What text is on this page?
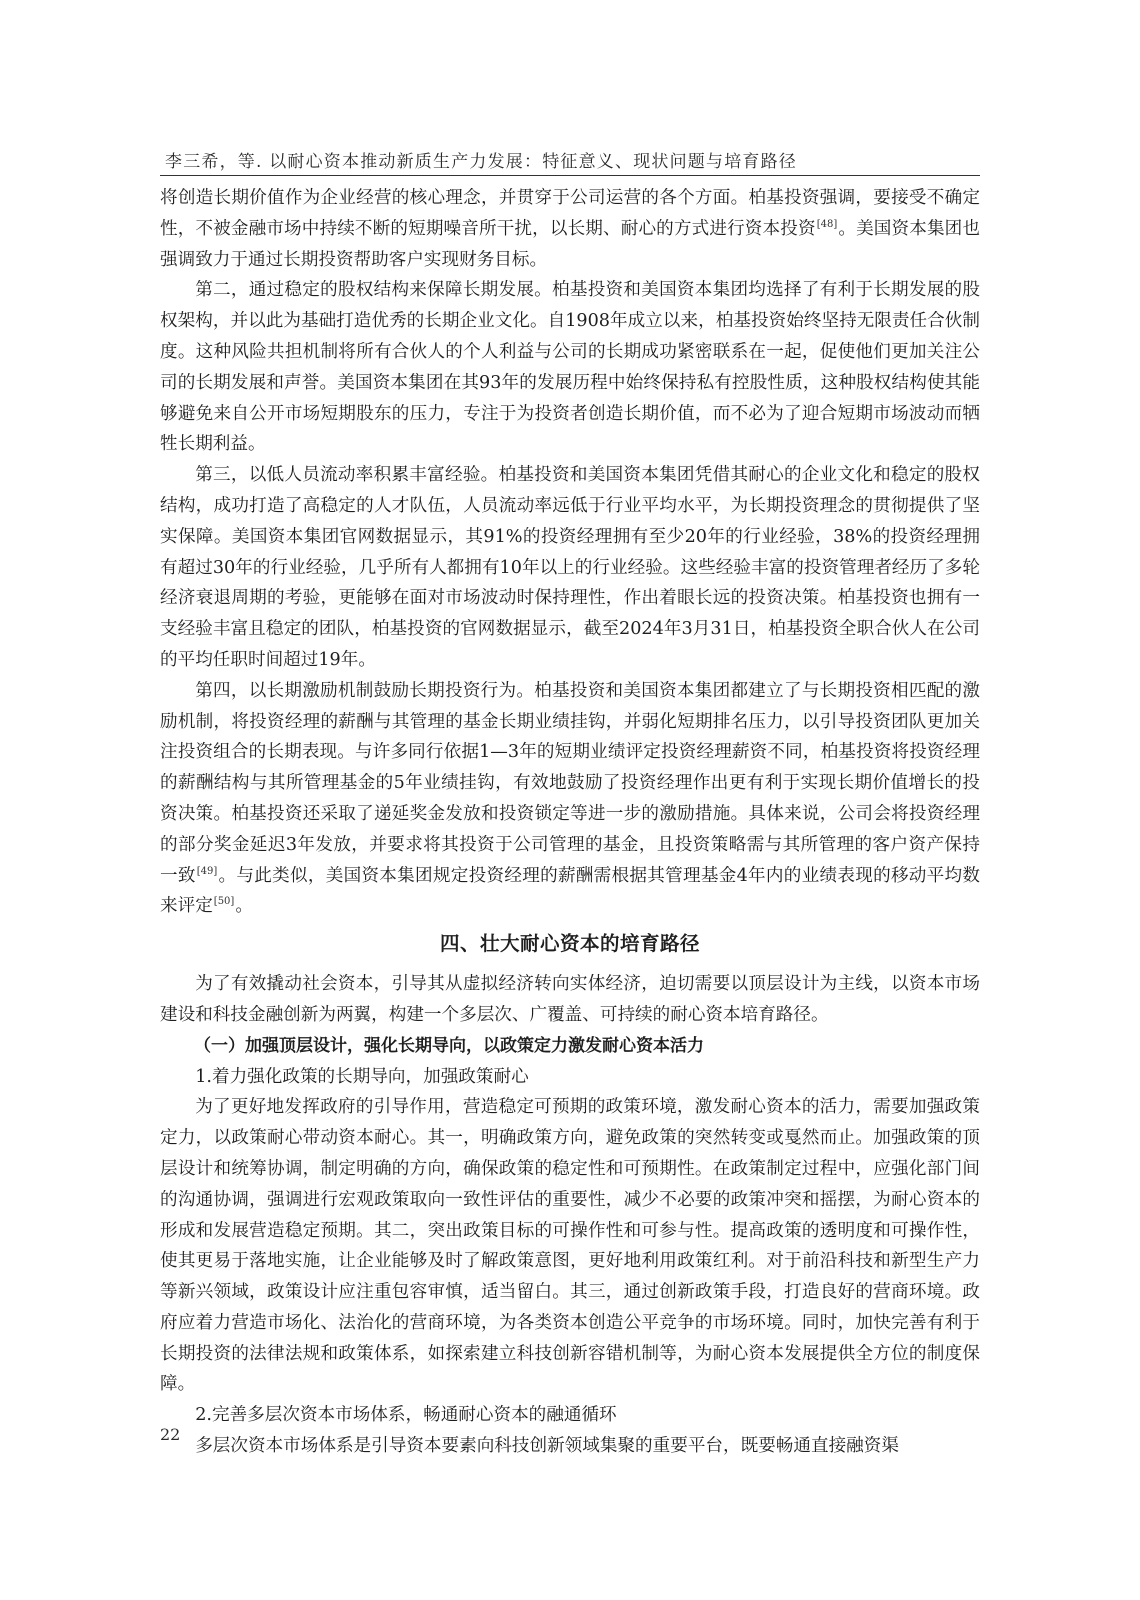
李三希，等. 以耐心资本推动新质生产力发展：特征意义、现状问题与培育路径

将创造长期价值作为企业经营的核心理念，并贯穿于公司运营的各个方面。柏基投资强调，要接受不确定性，不被金融市场中持续不断的短期噪音所干扰，以长期、耐心的方式进行资本投资[48]。美国资本集团也强调致力于通过长期投资帮助客户实现财务目标。

第二，通过稳定的股权结构来保障长期发展。柏基投资和美国资本集团均选择了有利于长期发展的股权架构，并以此为基础打造优秀的长期企业文化。自1908年成立以来，柏基投资始终坚持无限责任合伙制度。这种风险共担机制将所有合伙人的个人利益与公司的长期成功紧密联系在一起，促使他们更加关注公司的长期发展和声誉。美国资本集团在其93年的发展历程中始终保持私有控股性质，这种股权结构使其能够避免来自公开市场短期股东的压力，专注于为投资者创造长期价值，而不必为了迎合短期市场波动而牺牲长期利益。

第三，以低人员流动率积累丰富经验。柏基投资和美国资本集团凭借其耐心的企业文化和稳定的股权结构，成功打造了高稳定的人才队伍，人员流动率远低于行业平均水平，为长期投资理念的贯彻提供了坚实保障。美国资本集团官网数据显示，其91%的投资经理拥有至少20年的行业经验，38%的投资经理拥有超过30年的行业经验，几乎所有人都拥有10年以上的行业经验。这些经验丰富的投资管理者经历了多轮经济衰退周期的考验，更能够在面对市场波动时保持理性，作出着眼长远的投资决策。柏基投资也拥有一支经验丰富且稳定的团队，柏基投资的官网数据显示，截至2024年3月31日，柏基投资全职合伙人在公司的平均任职时间超过19年。

第四，以长期激励机制鼓励长期投资行为。柏基投资和美国资本集团都建立了与长期投资相匹配的激励机制，将投资经理的薪酬与其管理的基金长期业绩挂钩，并弱化短期排名压力，以引导投资团队更加关注投资组合的长期表现。与许多同行依据1—3年的短期业绩评定投资经理薪资不同，柏基投资将投资经理的薪酬结构与其所管理基金的5年业绩挂钩，有效地鼓励了投资经理作出更有利于实现长期价值增长的投资决策。柏基投资还采取了递延奖金发放和投资锁定等进一步的激励措施。具体来说，公司会将投资经理的部分奖金延迟3年发放，并要求将其投资于公司管理的基金，且投资策略需与其所管理的客户资产保持一致[49]。与此类似，美国资本集团规定投资经理的薪酬需根据其管理基金4年内的业绩表现的移动平均数来评定[50]。

四、壮大耐心资本的培育路径

为了有效撬动社会资本，引导其从虚拟经济转向实体经济，迫切需要以顶层设计为主线，以资本市场建设和科技金融创新为两翼，构建一个多层次、广覆盖、可持续的耐心资本培育路径。

（一）加强顶层设计，强化长期导向，以政策定力激发耐心资本活力
1.着力强化政策的长期导向，加强政策耐心

为了更好地发挥政府的引导作用，营造稳定可预期的政策环境，激发耐心资本的活力，需要加强政策定力，以政策耐心带动资本耐心。其一，明确政策方向，避免政策的突然转变或戛然而止。加强政策的顶层设计和统筹协调，制定明确的方向，确保政策的稳定性和可预期性。在政策制定过程中，应强化部门间的沟通协调，强调进行宏观政策取向一致性评估的重要性，减少不必要的政策冲突和摇摆，为耐心资本的形成和发展营造稳定预期。其二，突出政策目标的可操作性和可参与性。提高政策的透明度和可操作性，使其更易于落地实施，让企业能够及时了解政策意图，更好地利用政策红利。对于前沿科技和新型生产力等新兴领域，政策设计应注重包容审慎，适当留白。其三，通过创新政策手段，打造良好的营商环境。政府应着力营造市场化、法治化的营商环境，为各类资本创造公平竞争的市场环境。同时，加快完善有利于长期投资的法律法规和政策体系，如探索建立科技创新容错机制等，为耐心资本发展提供全方位的制度保障。

2.完善多层次资本市场体系，畅通耐心资本的融通循环

多层次资本市场体系是引导资本要素向科技创新领域集聚的重要平台，既要畅通直接融资渠

22
